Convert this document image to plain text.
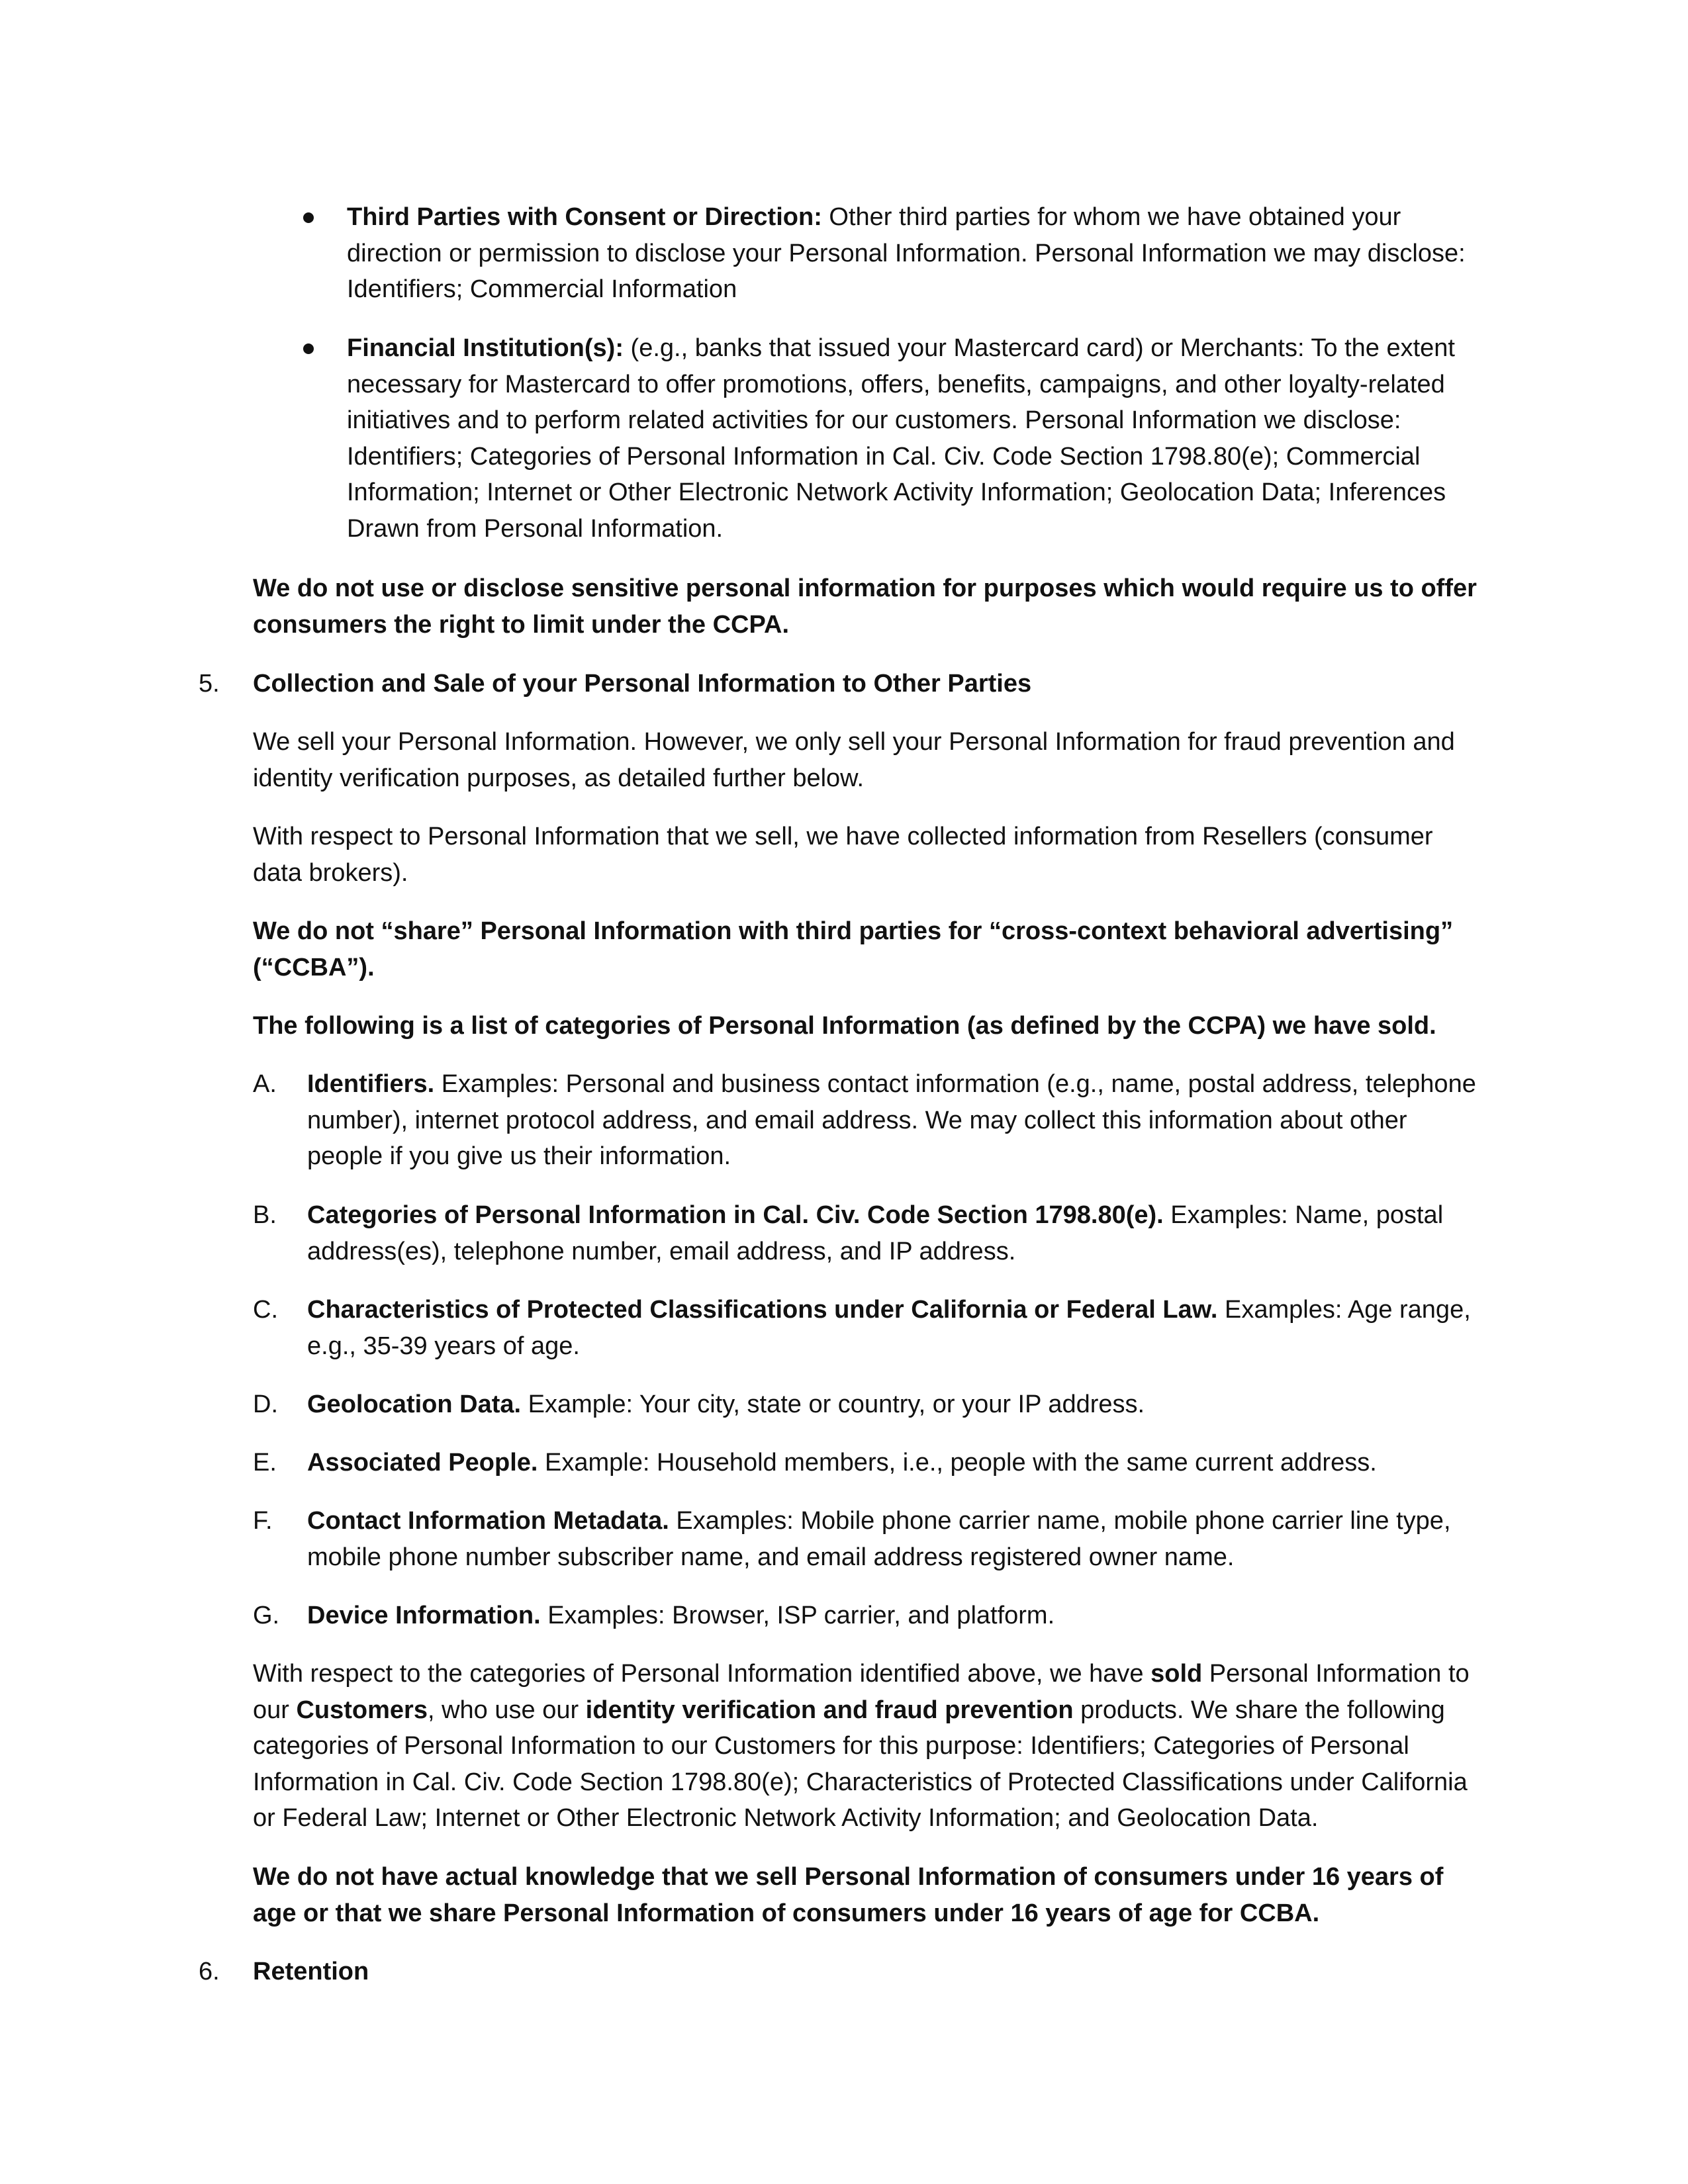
Third Parties with Consent or Direction: Other third parties for whom we have obtained your direction or permission to disclose your Personal Information. Personal Information we may disclose: Identifiers; Commercial Information

Financial Institution(s): (e.g., banks that issued your Mastercard card) or Merchants: To the extent necessary for Mastercard to offer promotions, offers, benefits, campaigns, and other loyalty-related initiatives and to perform related activities for our customers. Personal Information we disclose: Identifiers; Categories of Personal Information in Cal. Civ. Code Section 1798.80(e); Commercial Information; Internet or Other Electronic Network Activity Information; Geolocation Data; Inferences Drawn from Personal Information.

We do not use or disclose sensitive personal information for purposes which would require us to offer consumers the right to limit under the CCPA.

5. Collection and Sale of your Personal Information to Other Parties

We sell your Personal Information. However, we only sell your Personal Information for fraud prevention and identity verification purposes, as detailed further below.

With respect to Personal Information that we sell, we have collected information from Resellers (consumer data brokers).

We do not “share” Personal Information with third parties for “cross-context behavioral advertising” (“CCBA”).

The following is a list of categories of Personal Information (as defined by the CCPA) we have sold.

A. Identifiers. Examples: Personal and business contact information (e.g., name, postal address, telephone number), internet protocol address, and email address. We may collect this information about other people if you give us their information.

B. Categories of Personal Information in Cal. Civ. Code Section 1798.80(e). Examples: Name, postal address(es), telephone number, email address, and IP address.

C. Characteristics of Protected Classifications under California or Federal Law. Examples: Age range, e.g., 35-39 years of age.

D. Geolocation Data. Example: Your city, state or country, or your IP address.

E. Associated People. Example: Household members, i.e., people with the same current address.

F. Contact Information Metadata. Examples: Mobile phone carrier name, mobile phone carrier line type, mobile phone number subscriber name, and email address registered owner name.

G. Device Information. Examples: Browser, ISP carrier, and platform.

With respect to the categories of Personal Information identified above, we have sold Personal Information to our Customers, who use our identity verification and fraud prevention products. We share the following categories of Personal Information to our Customers for this purpose: Identifiers; Categories of Personal Information in Cal. Civ. Code Section 1798.80(e); Characteristics of Protected Classifications under California or Federal Law; Internet or Other Electronic Network Activity Information; and Geolocation Data.

We do not have actual knowledge that we sell Personal Information of consumers under 16 years of age or that we share Personal Information of consumers under 16 years of age for CCBA.

6. Retention
